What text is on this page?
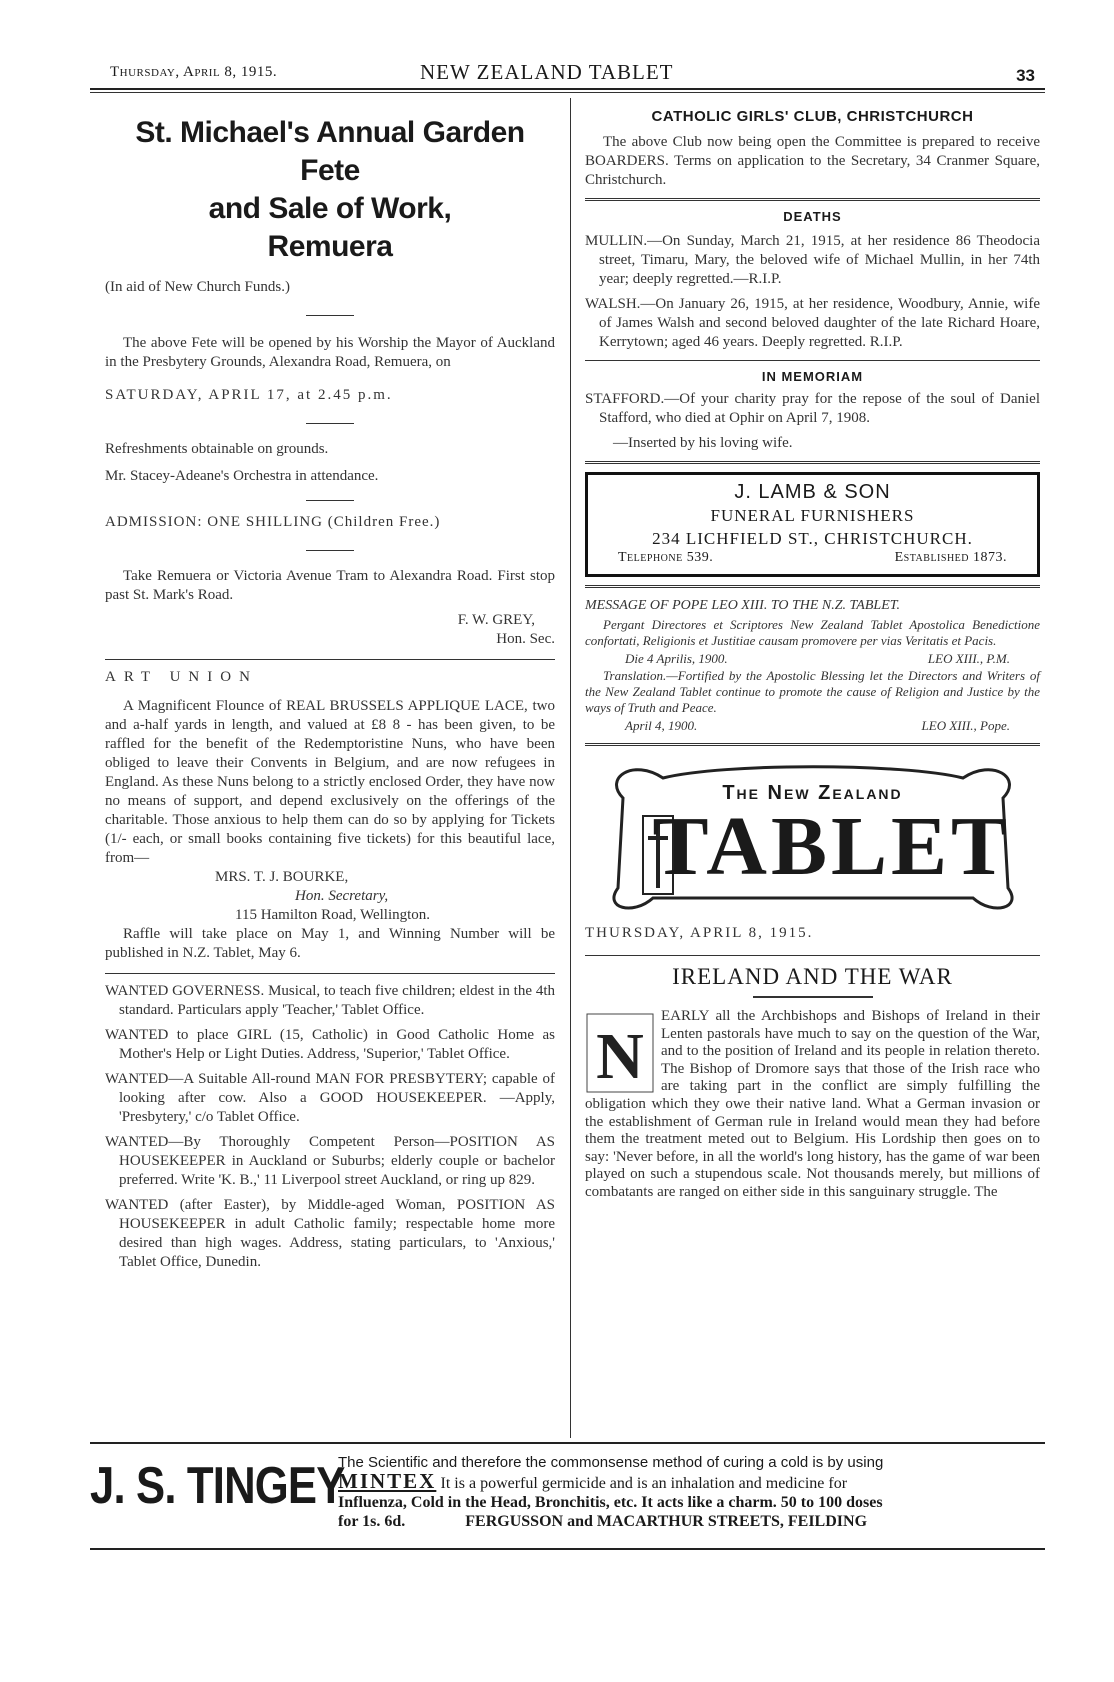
Thursday, April 8, 1915.	NEW ZEALAND TABLET	33
St. Michael's Annual Garden Fete
and Sale of Work,
Remuera
(In aid of New Church Funds.)
The above Fete will be opened by his Worship the Mayor of Auckland in the Presbytery Grounds, Alexandra Road, Remuera, on
SATURDAY, APRIL 17, at 2.45 p.m.
Refreshments obtainable on grounds.
Mr. Stacey-Adeane's Orchestra in attendance.
ADMISSION: ONE SHILLING (Children Free.)
Take Remuera or Victoria Avenue Tram to Alexandra Road. First stop past St. Mark's Road.
F. W. GREY,
Hon. Sec.
ART UNION
A Magnificent Flounce of REAL BRUSSELS APPLIQUE LACE, two and a-half yards in length, and valued at £8 8 - has been given, to be raffled for the benefit of the Redemptoristine Nuns, who have been obliged to leave their Convents in Belgium, and are now refugees in England. As these Nuns belong to a strictly enclosed Order, they have now no means of support, and depend exclusively on the offerings of the charitable. Those anxious to help them can do so by applying for Tickets (1/- each, or small books containing five tickets) for this beautiful lace, from—
MRS. T. J. BOURKE,
Hon. Secretary,
115 Hamilton Road, Wellington.
Raffle will take place on May 1, and Winning Number will be published in N.Z. Tablet, May 6.
WANTED GOVERNESS. Musical, to teach five children; eldest in the 4th standard. Particulars apply 'Teacher,' Tablet Office.
WANTED to place GIRL (15, Catholic) in Good Catholic Home as Mother's Help or Light Duties. Address, 'Superior,' Tablet Office.
WANTED—A Suitable All-round MAN FOR PRESBYTERY; capable of looking after cow. Also a GOOD HOUSEKEEPER. —Apply, 'Presbytery,' c/o Tablet Office.
WANTED—By Thoroughly Competent Person—POSITION AS HOUSEKEEPER in Auckland or Suburbs; elderly couple or bachelor preferred. Write 'K. B.,' 11 Liverpool street Auckland, or ring up 829.
WANTED (after Easter), by Middle-aged Woman, POSITION AS HOUSEKEEPER in adult Catholic family; respectable home more desired than high wages. Address, stating particulars, to 'Anxious,' Tablet Office, Dunedin.
CATHOLIC GIRLS' CLUB, CHRISTCHURCH
The above Club now being open the Committee is prepared to receive BOARDERS. Terms on application to the Secretary, 34 Cranmer Square, Christchurch.
DEATHS
MULLIN.—On Sunday, March 21, 1915, at her residence 86 Theodocia street, Timaru, Mary, the beloved wife of Michael Mullin, in her 74th year; deeply regretted.—R.I.P.
WALSH.—On January 26, 1915, at her residence, Woodbury, Annie, wife of James Walsh and second beloved daughter of the late Richard Hoare, Kerrytown; aged 46 years. Deeply regretted. R.I.P.
IN MEMORIAM
STAFFORD.—Of your charity pray for the repose of the soul of Daniel Stafford, who died at Ophir on April 7, 1908.
—Inserted by his loving wife.
J. LAMB & SON
FUNERAL FURNISHERS
234 LICHFIELD ST., CHRISTCHURCH.
Telephone 539.	Established 1873.
MESSAGE OF POPE LEO XIII. TO THE N.Z. TABLET.
Pergant Directores et Scriptores New Zealand Tablet Apostolica Benedictione confortati, Religionis et Justitiae causam promovere per vias Veritatis et Pacis.
Die 4 Aprilis, 1900.	LEO XIII., P.M.
Translation.—Fortified by the Apostolic Blessing let the Directors and Writers of the New Zealand Tablet continue to promote the cause of Religion and Justice by the ways of Truth and Peace.
April 4, 1900.	LEO XIII., Pope.
The New Zealand
TABLET
THURSDAY, APRIL 8, 1915.
IRELAND AND THE WAR
N
EARLY all the Archbishops and Bishops of Ireland in their Lenten pastorals have much to say on the question of the War, and to the position of Ireland and its people in relation thereto. The Bishop of Dromore says that those of the Irish race who are taking part in the conflict are simply fulfilling the obligation which they owe their native land. What a German invasion or the establishment of German rule in Ireland would mean they had before them the treatment meted out to Belgium. His Lordship then goes on to say: 'Never before, in all the world's long history, has the game of war been played on such a stupendous scale. Not thousands merely, but millions of combatants are ranged on either side in this sanguinary struggle. The
J. S. TINGEY
The Scientific and therefore the commonsense method of curing a cold is by using
MINTEX It is a powerful germicide and is an inhalation and medicine for
Influenza, Cold in the Head, Bronchitis, etc. It acts like a charm. 50 to 100 doses
for 1s. 6d.	FERGUSSON and MACARTHUR STREETS, FEILDING
